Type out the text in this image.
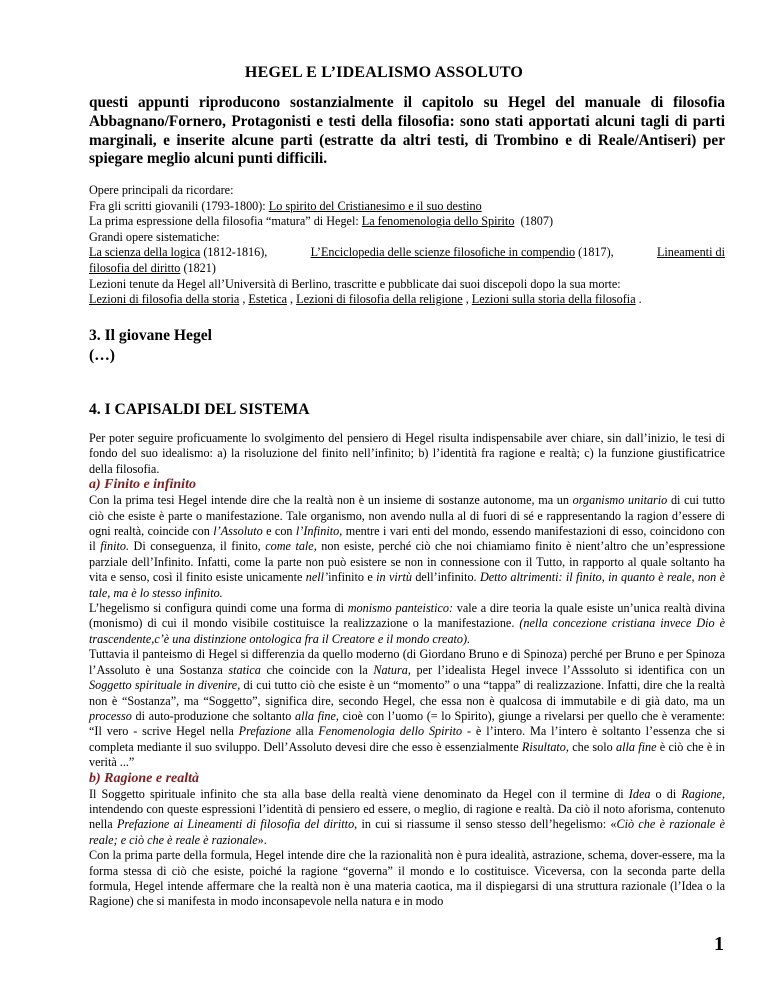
HEGEL E L’IDEALISMO ASSOLUTO
questi appunti riproducono sostanzialmente il capitolo su Hegel del manuale di filosofia Abbagnano/Fornero, Protagonisti e testi della filosofia: sono stati apportati alcuni tagli di parti marginali, e inserite alcune parti (estratte da altri testi, di Trombino e di Reale/Antiseri) per spiegare meglio alcuni punti difficili.
Opere principali da ricordare:
Fra gli scritti giovanili (1793-1800): Lo spirito del Cristianesimo e il suo destino
La prima espressione della filosofia “matura” di Hegel: La fenomenologia dello Spirito (1807)
Grandi opere sistematiche:
La scienza della logica (1812-1816),	L’Enciclopedia delle scienze filosofiche in compendio (1817),	Lineamenti di
filosofia del diritto (1821)
Lezioni tenute da Hegel all’Università di Berlino, trascritte e pubblicate dai suoi discepoli dopo la sua morte:
Lezioni di filosofia della storia , Estetica , Lezioni di filosofia della religione , Lezioni sulla storia della filosofia .
3. Il giovane Hegel
(…)
4. I CAPISALDI DEL SISTEMA

Per poter seguire proficuamente lo svolgimento del pensiero di Hegel risulta indispensabile aver chiare, sin dall’inizio, le tesi di fondo del suo idealismo: a) la risoluzione del finito nell’infinito; b) l’identità fra ragione e realtà; c) la funzione giustificatrice della filosofia.

a) Finito e infinito

Con la prima tesi Hegel intende dire che la realtà non è un insieme di sostanze autonome, ma un organismo unitario di cui tutto ciò che esiste è parte o manifestazione. Tale organismo, non avendo nulla al di fuori di sé e rappresentando la ragion d’essere di ogni realtà, coincide con l’Assoluto e con l’Infinito, mentre i vari enti del mondo, essendo manifestazioni di esso, coincidono con il finito. Di conseguenza, il finito, come tale, non esiste, perché ciò che noi chiamiamo finito è nient’altro che un’espressione parziale dell’Infinito. Infatti, come la parte non può esistere se non in connessione con il Tutto, in rapporto al quale soltanto ha vita e senso, così il finito esiste unicamente nell’infinito e in virtù dell’infinito. Detto altrimenti: il finito, in quanto è reale, non è tale, ma è lo stesso infinito.

L’hegelismo si configura quindi come una forma di monismo panteistico: vale a dire teoria la quale esiste un’unica realtà divina (monismo) di cui il mondo visibile costituisce la realizzazione o la manifestazione. (nella concezione cristiana invece Dio è trascendente,c’è una distinzione ontologica fra il Creatore e il mondo creato).

Tuttavia il panteismo di Hegel si differenzia da quello moderno (di Giordano Bruno e di Spinoza) perché per Bruno e per Spinoza l’Assoluto è una Sostanza statica che coincide con la Natura, per l’idealista Hegel invece l’Asssoluto si identifica con un Soggetto spirituale in divenire, di cui tutto ciò che esiste è un “momento” o una “tappa” di realizzazione. Infatti, dire che la realtà non è “Sostanza”, ma “Soggetto”, significa dire, secondo Hegel, che essa non è qualcosa di immutabile e di già dato, ma un processo di auto-produzione che soltanto alla fine, cioè con l’uomo (= lo Spirito), giunge a rivelarsi per quello che è veramente: “Il vero - scrive Hegel nella Prefazione alla Fenomenologia dello Spirito - è l’intero. Ma l’intero è soltanto l’essenza che si completa mediante il suo sviluppo. Dell’Assoluto devesi dire che esso è essenzialmente Risultato, che solo alla fine è ciò che è in verità ...”

b) Ragione e realtà

Il Soggetto spirituale infinito che sta alla base della realtà viene denominato da Hegel con il termine di Idea o di Ragione, intendendo con queste espressioni l’identità di pensiero ed essere, o meglio, di ragione e realtà. Da ciò il noto aforisma, contenuto nella Prefazione ai Lineamenti di filosofia del diritto, in cui si riassume il senso stesso dell’hegelismo: «Ciò che è razionale è reale; e ciò che è reale è razionale».

Con la prima parte della formula, Hegel intende dire che la razionalità non è pura idealità, astrazione, schema, dover-essere, ma la forma stessa di ciò che esiste, poiché la ragione “governa” il mondo e lo costituisce. Viceversa, con la seconda parte della formula, Hegel intende affermare che la realtà non è una materia caotica, ma il dispiegarsi di una struttura razionale (l’Idea o la Ragione) che si manifesta in modo inconsapevole nella natura e in modo

1
